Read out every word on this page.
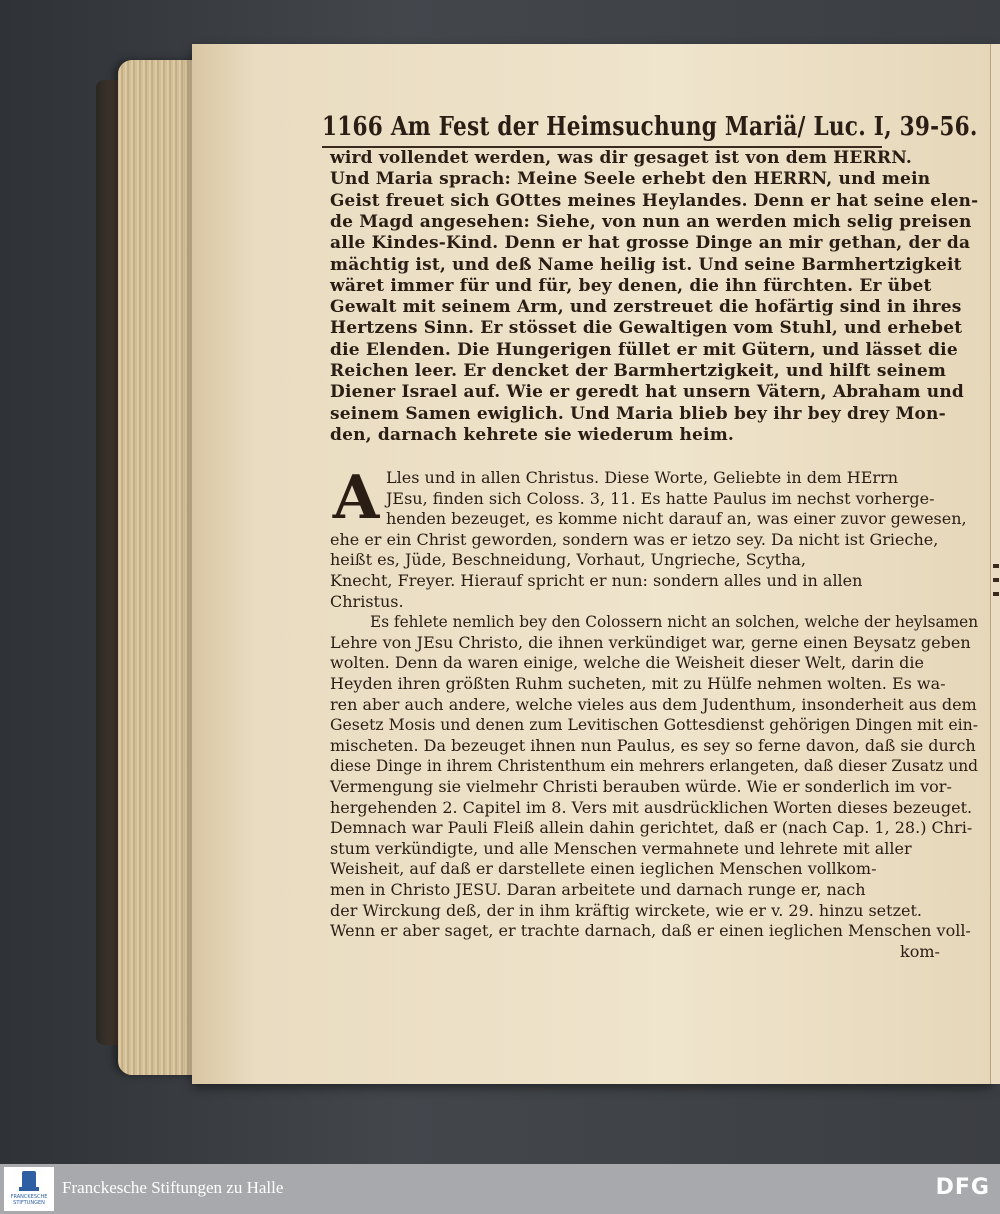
1166 Am Fest der Heimsuchung Mariä/ Luc. I, 39-56.
wird vollendet werden, was dir gesaget ist von dem HERRN.
Und Maria sprach: Meine Seele erhebt den HERRN, und mein
Geist freuet sich GOttes meines Heylandes. Denn er hat seine elen-
de Magd angesehen: Siehe, von nun an werden mich selig preisen
alle Kindes-Kind. Denn er hat grosse Dinge an mir gethan, der da
mächtig ist, und deß Name heilig ist. Und seine Barmhertzigkeit
wäret immer für und für, bey denen, die ihn fürchten. Er übet
Gewalt mit seinem Arm, und zerstreuet die hofärtig sind in ihres
Hertzens Sinn. Er stösset die Gewaltigen vom Stuhl, und erhebet
die Elenden. Die Hungerigen füllet er mit Gütern, und lässet die
Reichen leer. Er dencket der Barmhertzigkeit, und hilft seinem
Diener Israel auf. Wie er geredt hat unsern Vätern, Abraham und
seinem Samen ewiglich. Und Maria blieb bey ihr bey drey Mon-
den, darnach kehrete sie wiederum heim.
A Lles und in allen Christus. Diese Worte, Geliebte in dem HErrn
JEsu, finden sich Coloss. 3, 11. Es hatte Paulus im nechst vorherge-
henden bezeuget, es komme nicht darauf an, was einer zuvor gewesen,
ehe er ein Christ geworden, sondern was er ietzo sey. Da nicht ist Grieche,
heißt es, Jüde, Beschneidung, Vorhaut, Ungrieche, Scytha,
Knecht, Freyer. Hierauf spricht er nun: sondern alles und in allen
Christus.
Es fehlete nemlich bey den Colossern nicht an solchen, welche der heylsamen
Lehre von JEsu Christo, die ihnen verkündiget war, gerne einen Beysatz geben
wolten. Denn da waren einige, welche die Weisheit dieser Welt, darin die
Heyden ihren größten Ruhm sucheten, mit zu Hülfe nehmen wolten. Es wa-
ren aber auch andere, welche vieles aus dem Judenthum, insonderheit aus dem
Gesetz Mosis und denen zum Levitischen Gottesdienst gehörigen Dingen mit ein-
mischeten. Da bezeuget ihnen nun Paulus, es sey so ferne davon, daß sie durch
diese Dinge in ihrem Christenthum ein mehrers erlangeten, daß dieser Zusatz und
Vermengung sie vielmehr Christi berauben würde. Wie er sonderlich im vor-
hergehenden 2. Capitel im 8. Vers mit ausdrücklichen Worten dieses bezeuget.
Demnach war Pauli Fleiß allein dahin gerichtet, daß er (nach Cap. 1, 28.) Chri-
stum verkündigte, und alle Menschen vermahnete und lehrete mit aller
Weisheit, auf daß er darstellete einen ieglichen Menschen vollkom-
men in Christo JESU. Daran arbeitete und darnach runge er, nach
der Wirckung deß, der in ihm kräftig wirckete, wie er v. 29. hinzu setzet.
Wenn er aber saget, er trachte darnach, daß er einen ieglichen Menschen voll-
kom-
FRANCKESCHE STIFTUNGEN
Franckesche Stiftungen zu Halle	DFG
